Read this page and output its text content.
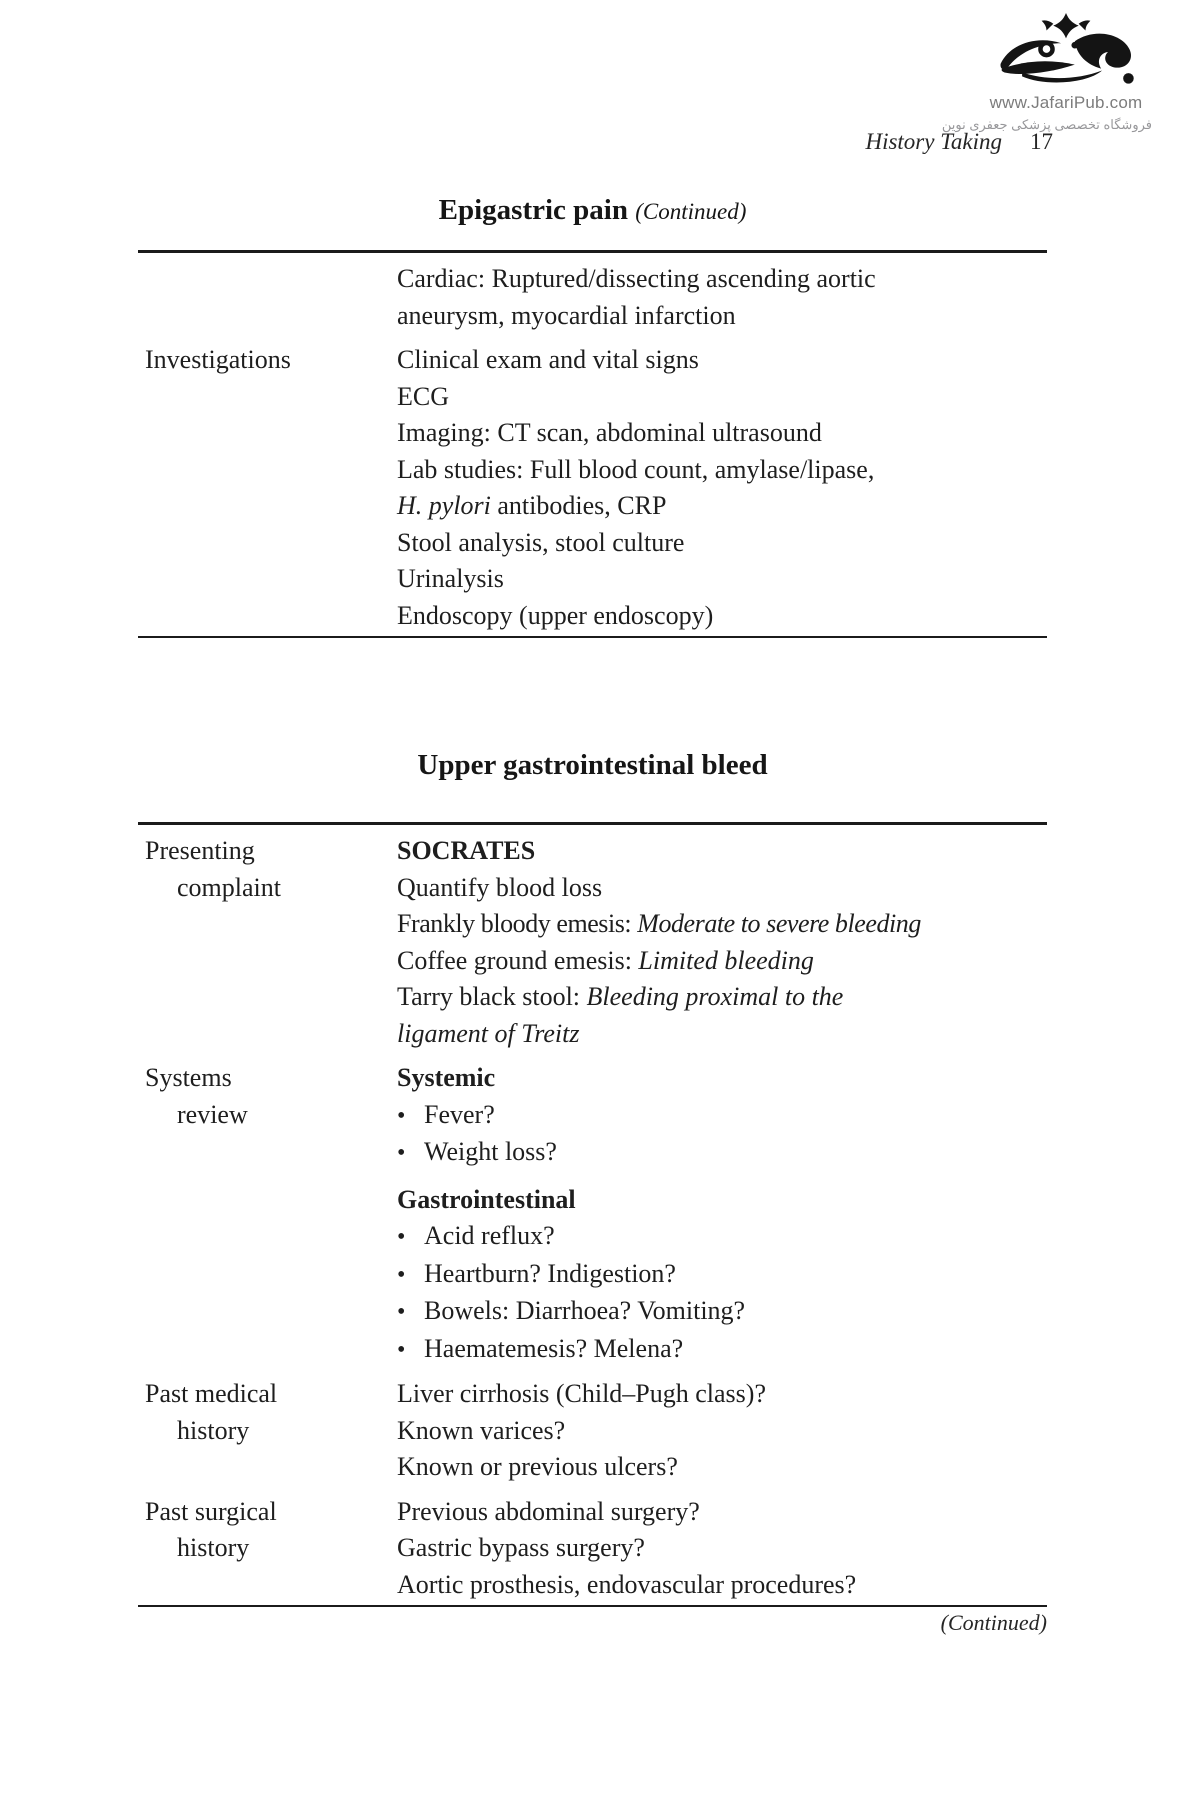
www.JafariPub.com
فروشگاه تخصصی پزشکی جعفری نوین
History Taking 17
Epigastric pain (Continued)
Cardiac: Ruptured/dissecting ascending aortic
aneurysm, myocardial infarction
Investigations	Clinical exam and vital signs
ECG
Imaging: CT scan, abdominal ultrasound
Lab studies: Full blood count, amylase/lipase,
H. pylori antibodies, CRP
Stool analysis, stool culture
Urinalysis
Endoscopy (upper endoscopy)
Upper gastrointestinal bleed
Presenting
complaint
SOCRATES
Quantify blood loss
Frankly bloody emesis: Moderate to severe bleeding
Coffee ground emesis: Limited bleeding
Tarry black stool: Bleeding proximal to the
ligament of Treitz
Systems
review
Systemic
• Fever?
• Weight loss?
Gastrointestinal
• Acid reflux?
• Heartburn? Indigestion?
• Bowels: Diarrhoea? Vomiting?
• Haematemesis? Melena?
Past medical
history
Liver cirrhosis (Child–Pugh class)?
Known varices?
Known or previous ulcers?
Past surgical
history
Previous abdominal surgery?
Gastric bypass surgery?
Aortic prosthesis, endovascular procedures?
(Continued)
